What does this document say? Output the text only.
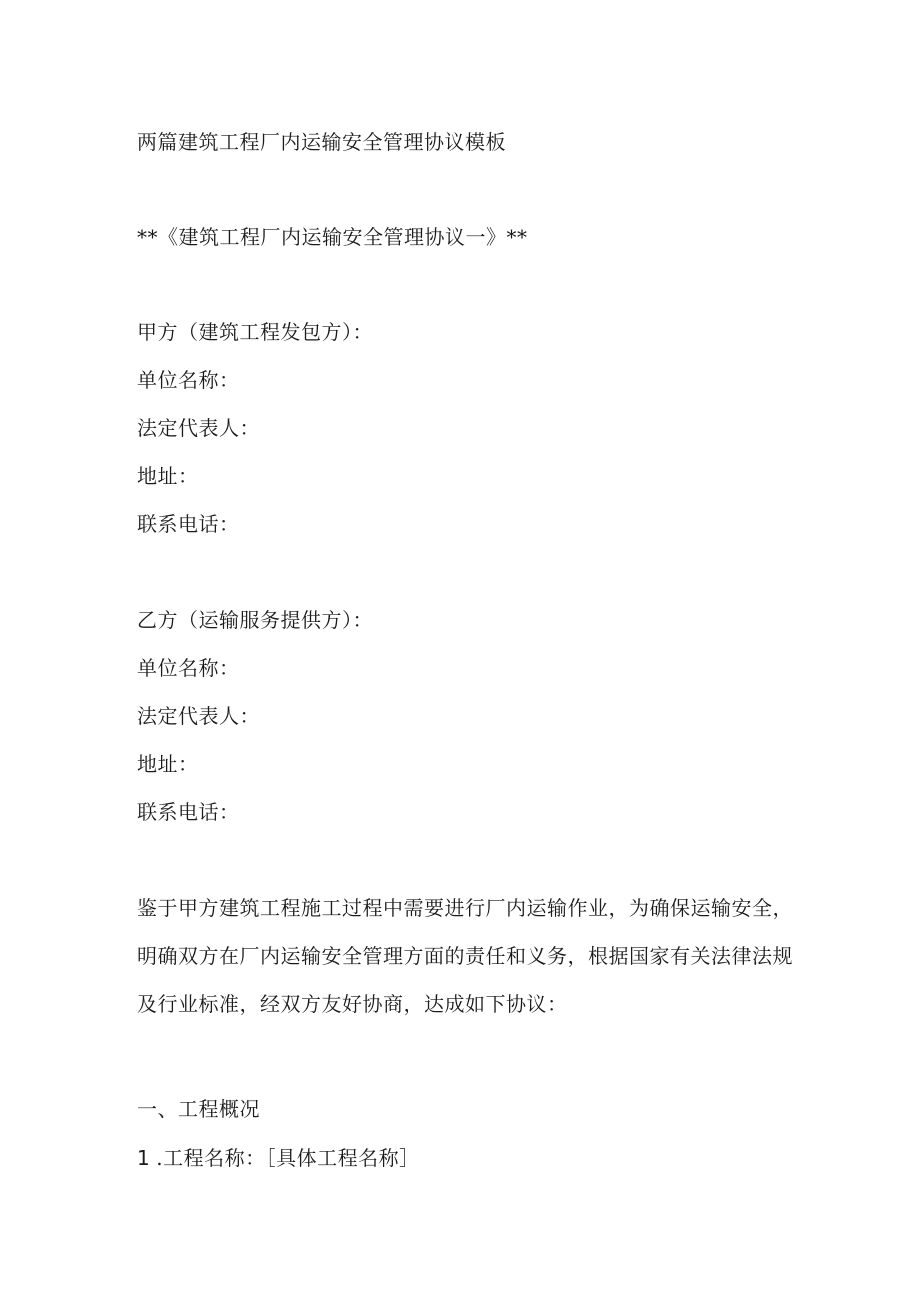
两篇建筑工程厂内运输安全管理协议模板
**《建筑工程厂内运输安全管理协议一》**
甲方（建筑工程发包方）：
单位名称：
法定代表人：
地址：
联系电话：
乙方（运输服务提供方）：
单位名称：
法定代表人：
地址：
联系电话：
鉴于甲方建筑工程施工过程中需要进行厂内运输作业，为确保运输安全，
明确双方在厂内运输安全管理方面的责任和义务，根据国家有关法律法规
及行业标准，经双方友好协商，达成如下协议：
一、工程概况
1 .工程名称：［具体工程名称］
